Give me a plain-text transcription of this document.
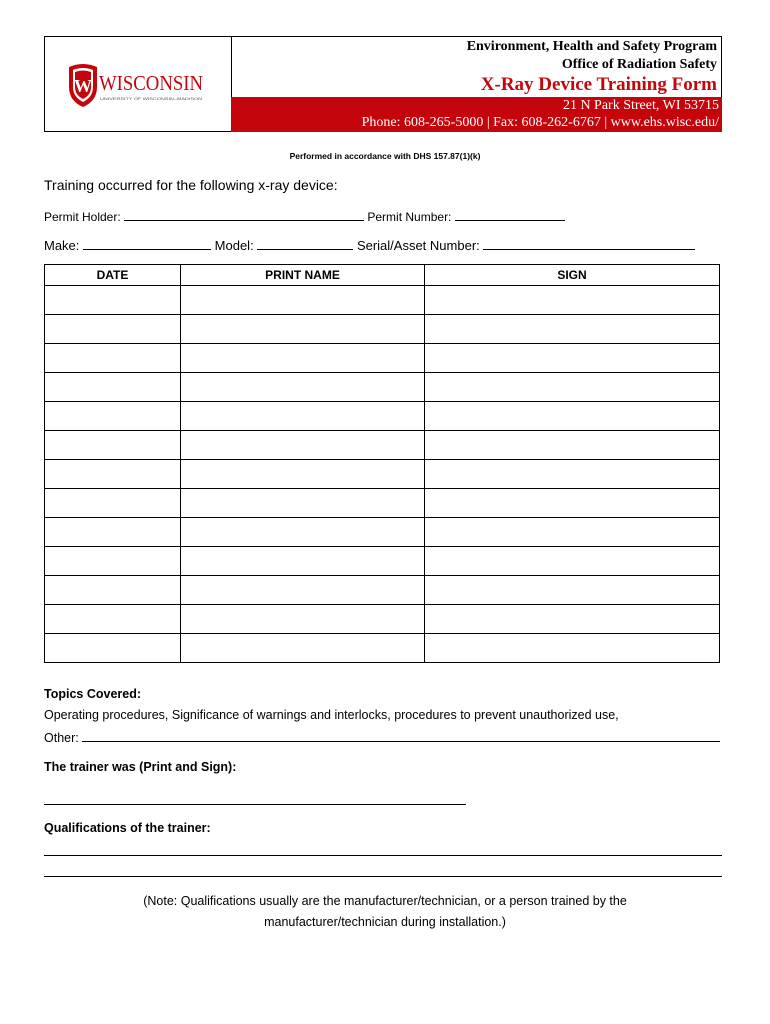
W WISCONSIN
UNIVERSITY OF WISCONSIN–MADISON
Environment, Health and Safety Program
Office of Radiation Safety
X-Ray Device Training Form
21 N Park Street, WI 53715
Phone: 608-265-5000 | Fax: 608-262-6767 | www.ehs.wisc.edu/
Performed in accordance with DHS 157.87(1)(k)
Training occurred for the following x-ray device:
Permit Holder:	Permit Number:
Make:	Model:	Serial/Asset Number:
DATE	PRINT NAME	SIGN

Topics Covered:
Operating procedures, Significance of warnings and interlocks, procedures to prevent unauthorized use,
Other:
The trainer was (Print and Sign):
Qualifications of the trainer:
(Note: Qualifications usually are the manufacturer/technician, or a person trained by the
manufacturer/technician during installation.)
